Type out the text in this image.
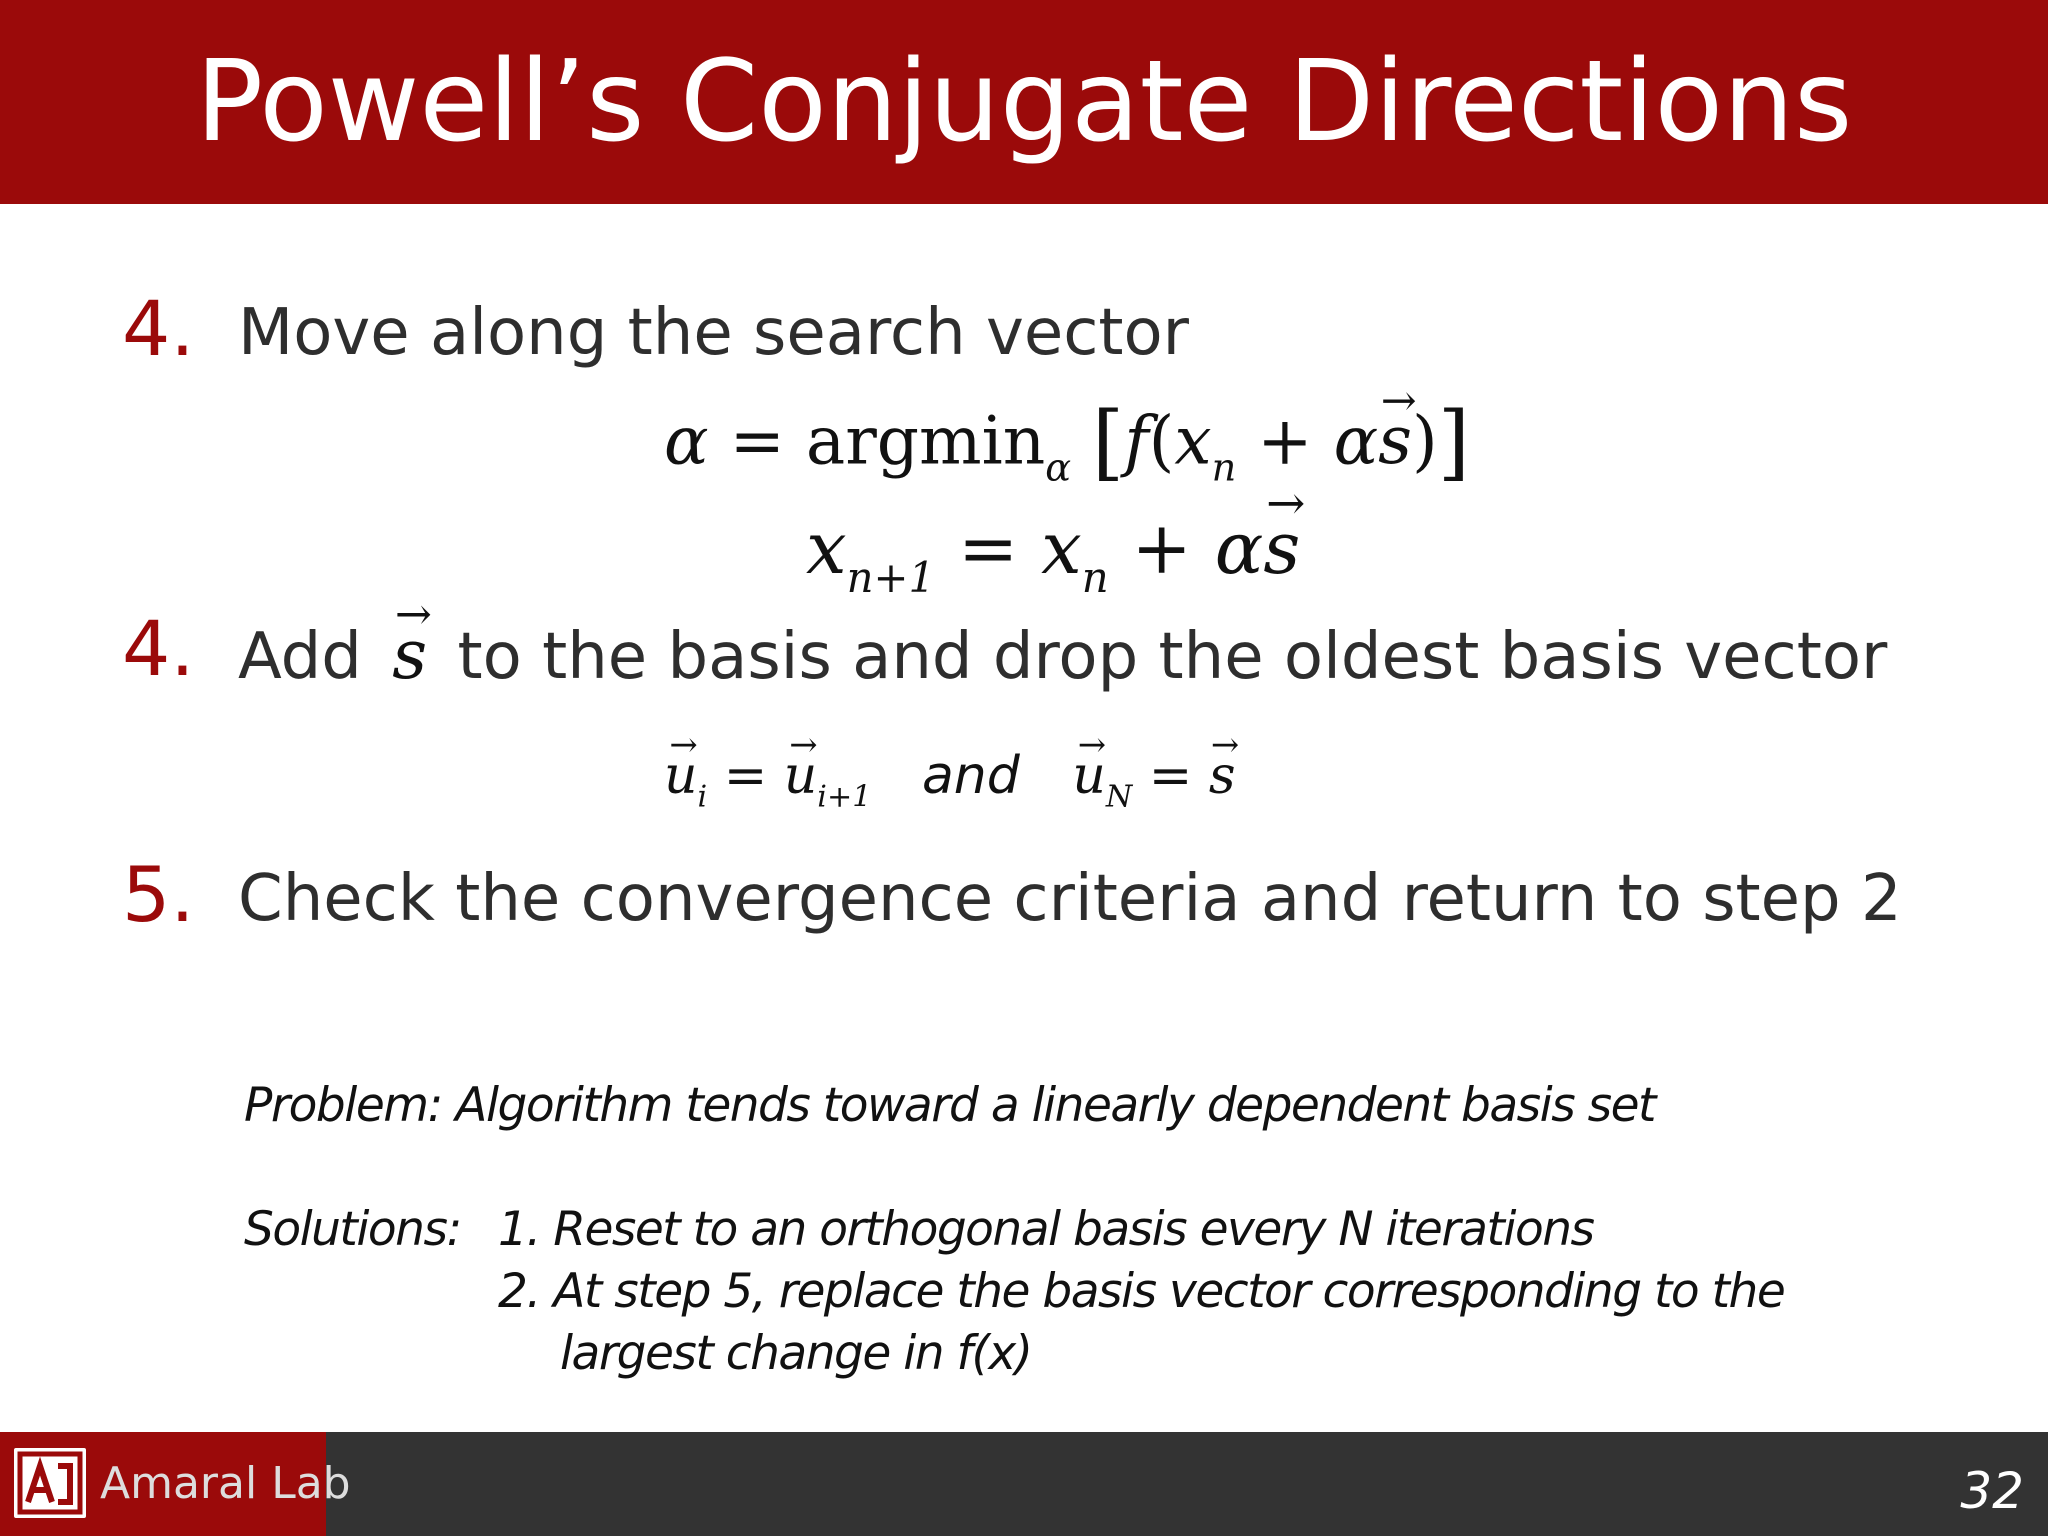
Powell’s Conjugate Directions
4. Move along the search vector
α = argmin$_\alpha$ $[f(x_n + \alpha\to s)]$
$x_{n+1} = x_n + \alpha\to s$
4. Add → s to the basis and drop the oldest basis vector
→ $u_i$ = → $u_{i+1}$ and → $u_N$ = → s
5. Check the convergence criteria and return to step 2
Problem: Algorithm tends toward a linearly dependent basis set
Solutions: 1. Reset to an orthogonal basis every N iterations
2. At step 5, replace the basis vector corresponding to the
largest change in f(x)
Amaral Lab	32
